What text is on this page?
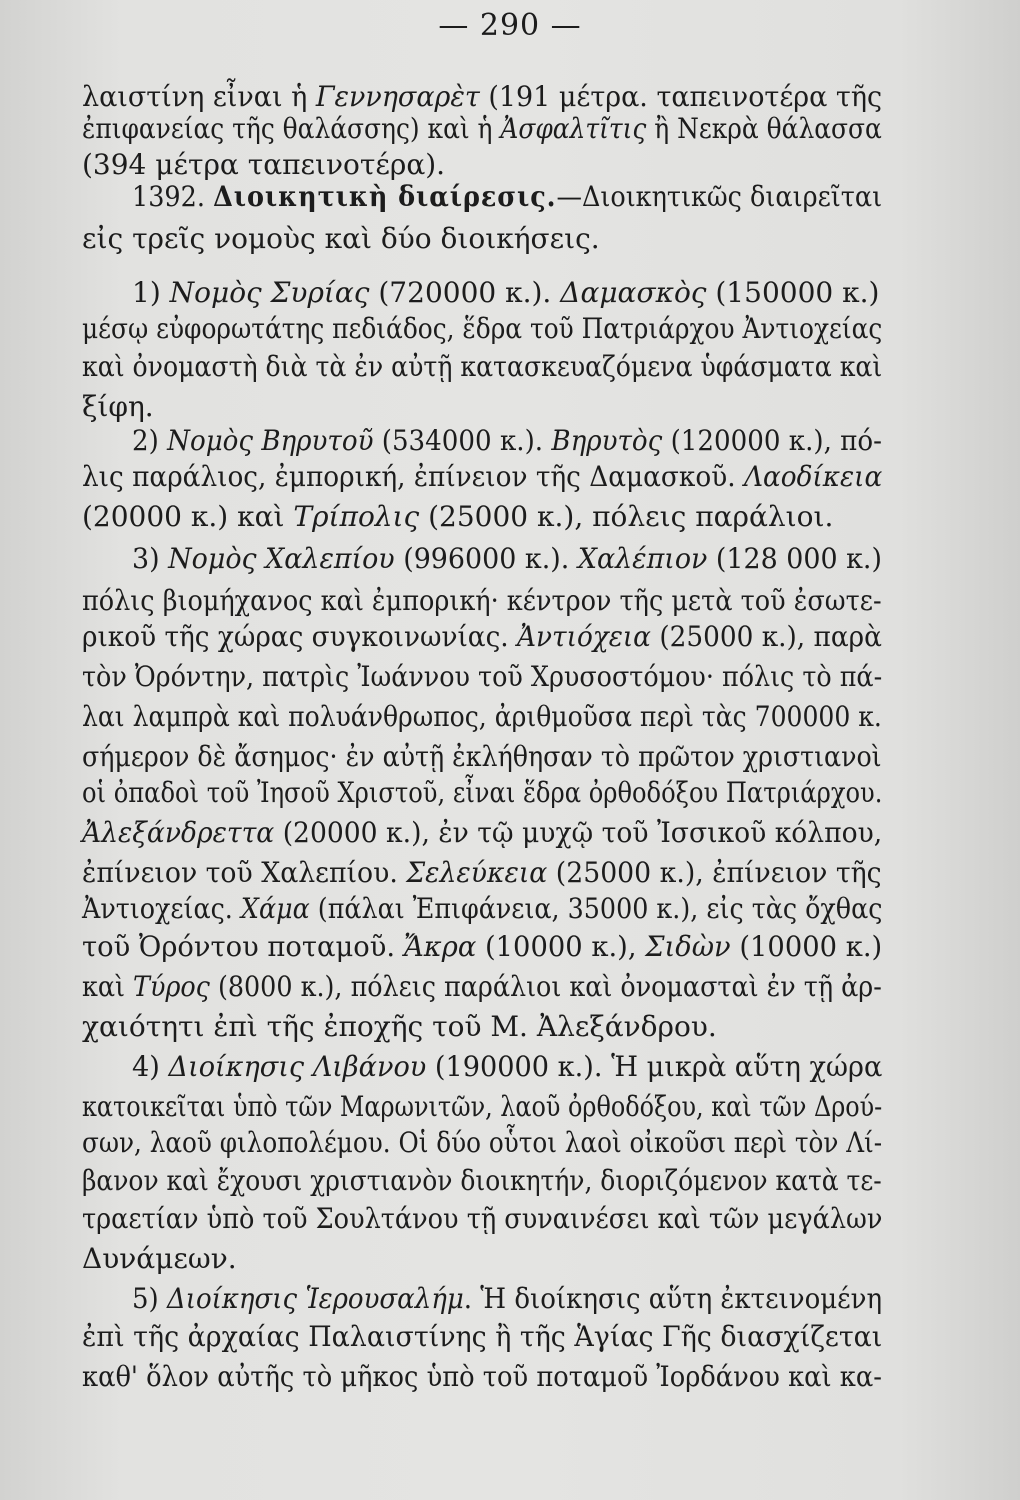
— 290 —
λαιστίνη εἶναι ἡ Γεννησαρὲτ (191 μέτρα. ταπεινοτέρα τῆς
ἐπιφανείας τῆς θαλάσσης) καὶ ἡ Ἀσφαλτῖτις ἢ Νεκρὰ θάλασσα
(394 μέτρα ταπεινοτέρα).
1392. Διοικητικὴ διαίρεσις.—Διοικητικῶς διαιρεῖται
εἰς τρεῖς νομοὺς καὶ δύο διοικήσεις.
1) Νομὸς Συρίας (720000 κ.). Δαμασκὸς (150000 κ.)
μέσῳ εὐφορωτάτης πεδιάδος, ἕδρα τοῦ Πατριάρχου Ἀντιοχείας
καὶ ὀνομαστὴ διὰ τὰ ἐν αὐτῇ κατασκευαζόμενα ὑφάσματα καὶ
ξίφη.
2) Νομὸς Βηρυτοῦ (534000 κ.). Βηρυτὸς (120000 κ.), πό-
λις παράλιος, ἐμπορική, ἐπίνειον τῆς Δαμασκοῦ. Λαοδίκεια
(20000 κ.) καὶ Τρίπολις (25000 κ.), πόλεις παράλιοι.
3) Νομὸς Χαλεπίου (996000 κ.). Χαλέπιον (128 000 κ.)
πόλις βιομήχανος καὶ ἐμπορική· κέντρον τῆς μετὰ τοῦ ἐσωτε-
ρικοῦ τῆς χώρας συγκοινωνίας. Ἀντιόχεια (25000 κ.), παρὰ
τὸν Ὀρόντην, πατρὶς Ἰωάννου τοῦ Χρυσοστόμου· πόλις τὸ πά-
λαι λαμπρὰ καὶ πολυάνθρωπος, ἀριθμοῦσα περὶ τὰς 700000 κ.
σήμερον δὲ ἄσημος· ἐν αὐτῇ ἐκλήθησαν τὸ πρῶτον χριστιανοὶ
οἱ ὀπαδοὶ τοῦ Ἰησοῦ Χριστοῦ, εἶναι ἕδρα ὀρθοδόξου Πατριάρχου.
Ἀλεξάνδρεττα (20000 κ.), ἐν τῷ μυχῷ τοῦ Ἰσσικοῦ κόλπου,
ἐπίνειον τοῦ Χαλεπίου. Σελεύκεια (25000 κ.), ἐπίνειον τῆς
Ἀντιοχείας. Χάμα (πάλαι Ἐπιφάνεια, 35000 κ.), εἰς τὰς ὄχθας
τοῦ Ὀρόντου ποταμοῦ. Ἄκρα (10000 κ.), Σιδὼν (10000 κ.)
καὶ Τύρος (8000 κ.), πόλεις παράλιοι καὶ ὀνομασταὶ ἐν τῇ ἀρ-
χαιότητι ἐπὶ τῆς ἐποχῆς τοῦ Μ. Ἀλεξάνδρου.
4) Διοίκησις Λιβάνου (190000 κ.). Ἡ μικρὰ αὕτη χώρα
κατοικεῖται ὑπὸ τῶν Μαρωνιτῶν, λαοῦ ὀρθοδόξου, καὶ τῶν Δρού-
σων, λαοῦ φιλοπολέμου. Οἱ δύο οὗτοι λαοὶ οἰκοῦσι περὶ τὸν Λί-
βανον καὶ ἔχουσι χριστιανὸν διοικητήν, διοριζόμενον κατὰ τε-
τραετίαν ὑπὸ τοῦ Σουλτάνου τῇ συναινέσει καὶ τῶν μεγάλων
Δυνάμεων.
5) Διοίκησις Ἱερουσαλήμ. Ἡ διοίκησις αὕτη ἐκτεινομένη
ἐπὶ τῆς ἀρχαίας Παλαιστίνης ἢ τῆς Ἁγίας Γῆς διασχίζεται
καθ' ὅλον αὐτῆς τὸ μῆκος ὑπὸ τοῦ ποταμοῦ Ἰορδάνου καὶ κα-
